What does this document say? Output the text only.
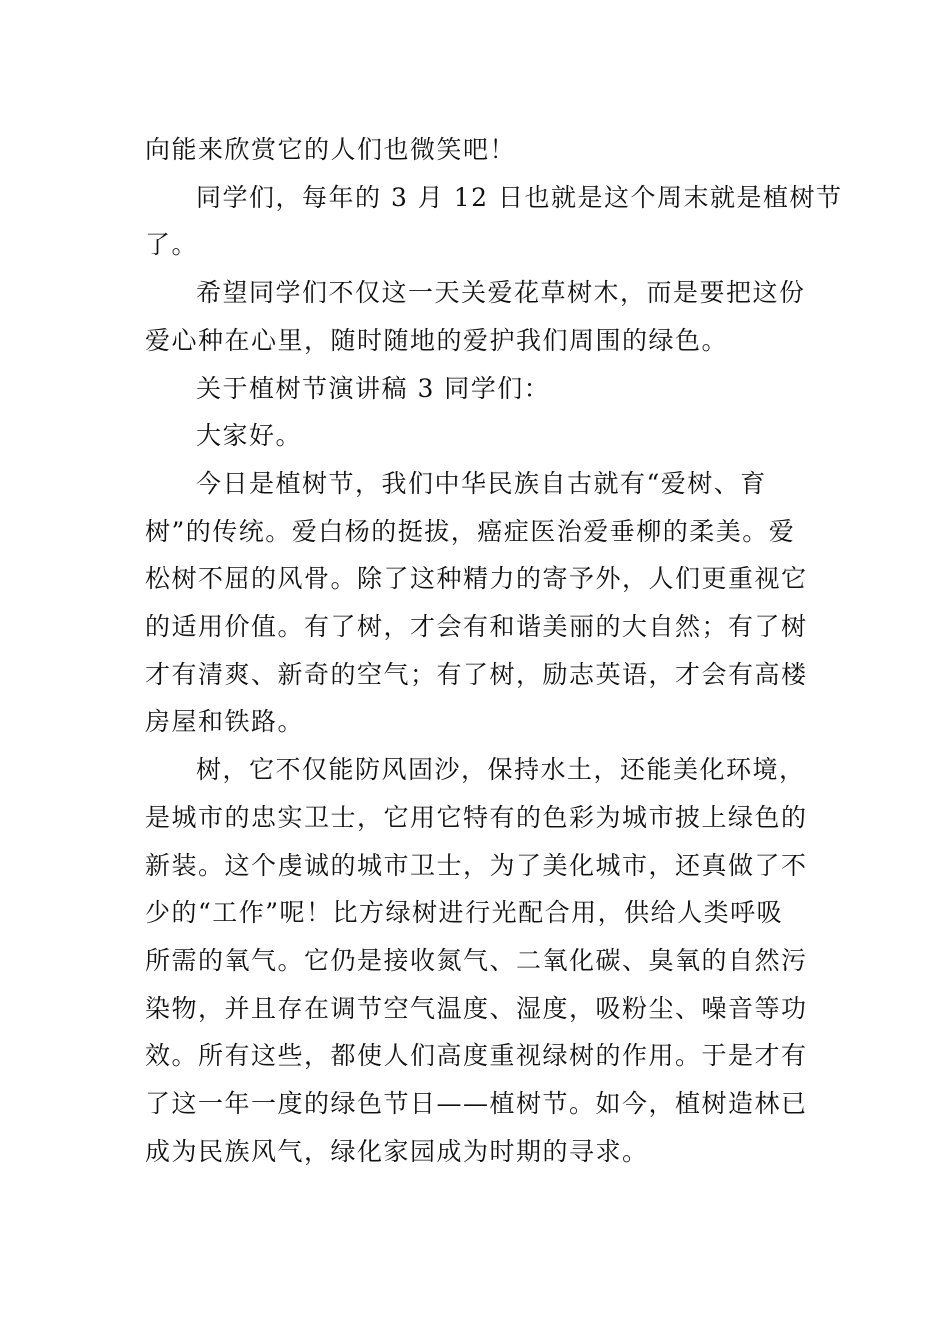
向能来欣赏它的人们也微笑吧！

同学们，每年的 3 月 12 日也就是这个周末就是植树节
了。

希望同学们不仅这一天关爱花草树木，而是要把这份
爱心种在心里，随时随地的爱护我们周围的绿色。

关于植树节演讲稿 3 同学们：

大家好。

今日是植树节，我们中华民族自古就有“爱树、育
树”的传统。爱白杨的挺拔，癌症医治爱垂柳的柔美。爱
松树不屈的风骨。除了这种精力的寄予外，人们更重视它
的适用价值。有了树，才会有和谐美丽的大自然；有了树
才有清爽、新奇的空气；有了树，励志英语，才会有高楼
房屋和铁路。

树，它不仅能防风固沙，保持水土，还能美化环境，
是城市的忠实卫士，它用它特有的色彩为城市披上绿色的
新装。这个虔诚的城市卫士，为了美化城市，还真做了不
少的“工作”呢！比方绿树进行光配合用，供给人类呼吸
所需的氧气。它仍是接收氮气、二氧化碳、臭氧的自然污
染物，并且存在调节空气温度、湿度，吸粉尘、噪音等功
效。所有这些，都使人们高度重视绿树的作用。于是才有
了这一年一度的绿色节日——植树节。如今，植树造林已
成为民族风气，绿化家园成为时期的寻求。
